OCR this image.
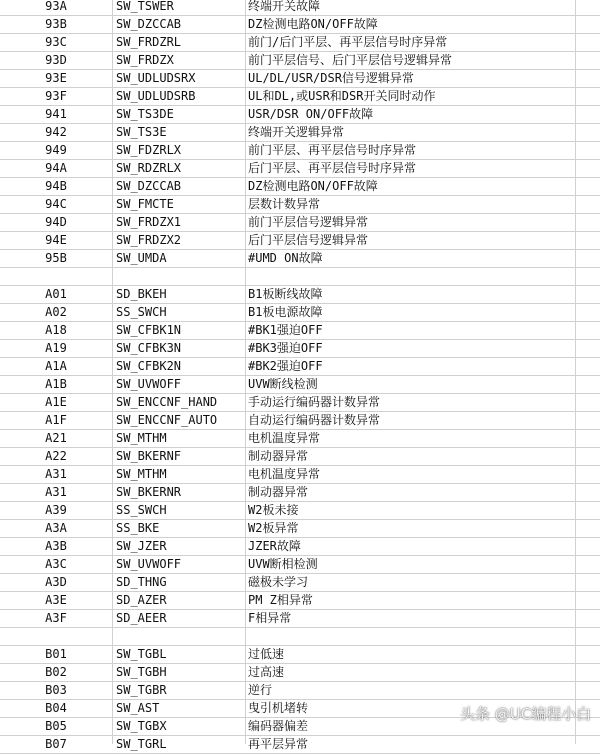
93A	SW_TSWER	终端开关故障
93B	SW_DZCCAB	DZ检测电路ON/OFF故障
93C	SW_FRDZRL	前门/后门平层、再平层信号时序异常
93D	SW_FRDZX	前门平层信号、后门平层信号逻辑异常
93E	SW_UDLUDSRX	UL/DL/USR/DSR信号逻辑异常
93F	SW_UDLUDSRB	UL和DL,或USR和DSR开关同时动作
941	SW_TS3DE	USR/DSR ON/OFF故障
942	SW_TS3E	终端开关逻辑异常
949	SW_FDZRLX	前门平层、再平层信号时序异常
94A	SW_RDZRLX	后门平层、再平层信号时序异常
94B	SW_DZCCAB	DZ检测电路ON/OFF故障
94C	SW_FMCTE	层数计数异常
94D	SW_FRDZX1	前门平层信号逻辑异常
94E	SW_FRDZX2	后门平层信号逻辑异常
95B	SW_UMDA	#UMD ON故障
A01	SD_BKEH	B1板断线故障
A02	SS_SWCH	B1板电源故障
A18	SW_CFBK1N	#BK1强迫OFF
A19	SW_CFBK3N	#BK3强迫OFF
A1A	SW_CFBK2N	#BK2强迫OFF
A1B	SW_UVWOFF	UVW断线检测
A1E	SW_ENCCNF_HAND	手动运行编码器计数异常
A1F	SW_ENCCNF_AUTO	自动运行编码器计数异常
A21	SW_MTHM	电机温度异常
A22	SW_BKERNF	制动器异常
A31	SW_MTHM	电机温度异常
A31	SW_BKERNR	制动器异常
A39	SS_SWCH	W2板未接
A3A	SS_BKE	W2板异常
A3B	SW_JZER	JZER故障
A3C	SW_UVWOFF	UVW断相检测
A3D	SD_THNG	磁极未学习
A3E	SD_AZER	PM Z相异常
A3F	SD_AEER	F相异常
B01	SW_TGBL	过低速
B02	SW_TGBH	过高速
B03	SW_TGBR	逆行
B04	SW_AST	曳引机堵转
B05	SW_TGBX	编码器偏差
B07	SW_TGRL	再平层异常
头条 @UC编程小白
